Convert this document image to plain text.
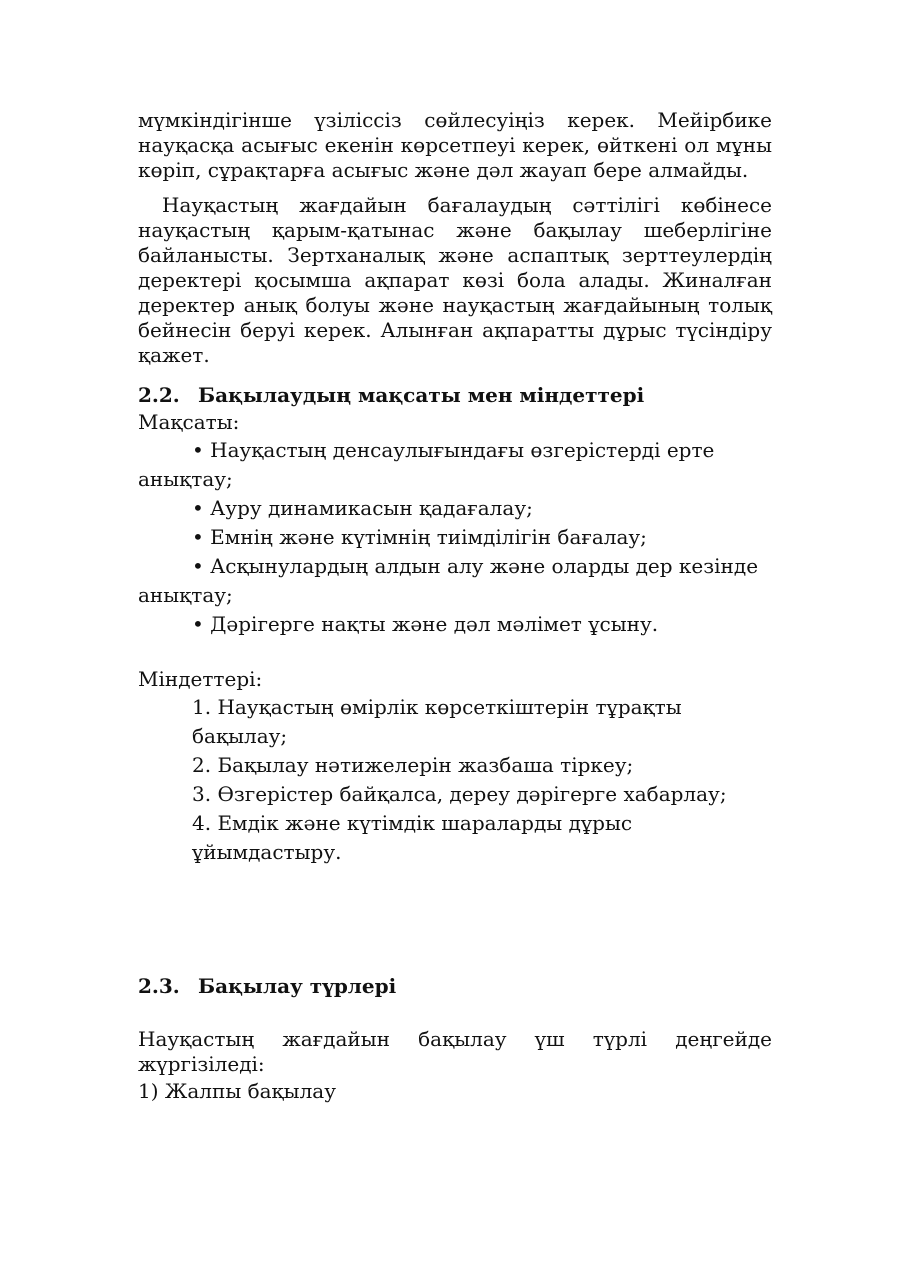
мүмкіндігінше үзіліссіз сөйлесуіңіз керек. Мейірбике науқасқа асығыс екенін көрсетпеуі керек, өйткені ол мұны көріп, сұрақтарға асығыс және дәл жауап бере алмайды.

Науқастың жағдайын бағалаудың сәттілігі көбінесе науқастың қарым-қатынас және бақылау шеберлігіне байланысты. Зертханалық және аспаптық зерттеулердің деректері қосымша ақпарат көзі бола алады. Жиналған деректер анық болуы және науқастың жағдайының толық бейнесін беруі керек. Алынған ақпаратты дұрыс түсіндіру қажет.

2.2. Бақылаудың мақсаты мен міндеттері

Мақсаты:

• Науқастың денсаулығындағы өзгерістерді ерте анықтау;

• Ауру динамикасын қадағалау;

• Емнің және күтімнің тиімділігін бағалау;

• Асқынулардың алдын алу және оларды дер кезінде анықтау;

• Дәрігерге нақты және дәл мәлімет ұсыну.

Міндеттері:

1. Науқастың өмірлік көрсеткіштерін тұрақты бақылау;

2. Бақылау нәтижелерін жазбаша тіркеу;

3. Өзгерістер байқалса, дереу дәрігерге хабарлау;

4. Емдік және күтімдік шараларды дұрыс ұйымдастыру.

2.3. Бақылау түрлері

Науқастың жағдайын бақылау үш түрлі деңгейде жүргізіледі:

1) Жалпы бақылау
